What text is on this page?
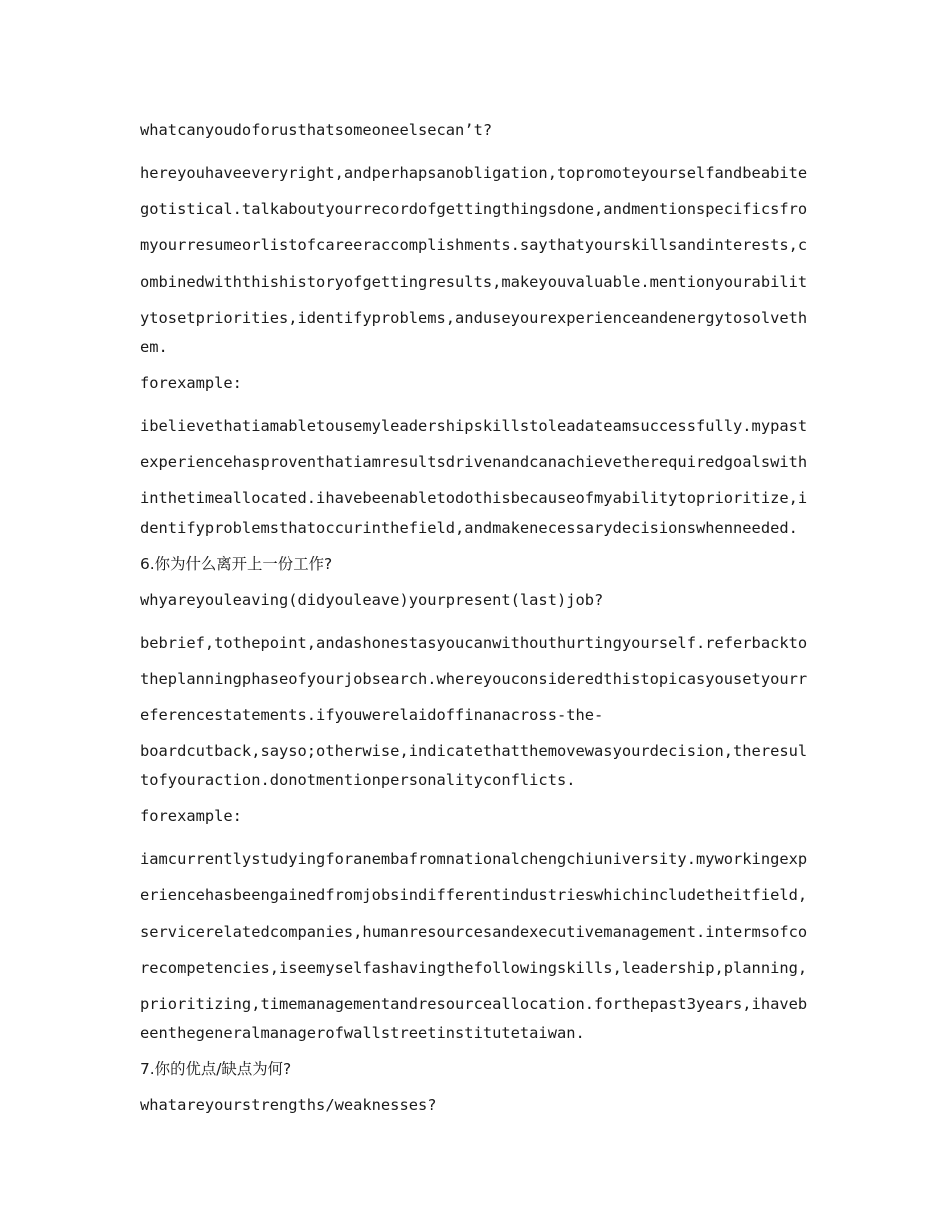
whatcanyoudoforusthatsomeoneelsecan’t?
hereyouhaveeveryright,andperhapsanobligation,topromoteyourselfandbeabite
gotistical.talkaboutyourrecordofgettingthingsdone,andmentionspecificsfro
myourresumeorlistofcareeraccomplishments.saythatyourskillsandinterests,c
ombinedwiththishistoryofgettingresults,makeyouvaluable.mentionyourabilit
ytosetpriorities,identifyproblems,anduseyourexperienceandenergytosolveth
em.
forexample:
ibelievethatiamabletousemyleadershipskillstoleadateamsuccessfully.mypast
experiencehasproventhatiamresultsdrivenandcanachievetherequiredgoalswith
inthetimeallocated.ihavebeenabletodothisbecauseofmyabilitytoprioritize,i
dentifyproblemsthatoccurinthefield,andmakenecessarydecisionswhenneeded.
6.你为什么离开上一份工作?
whyareyouleaving(didyouleave)yourpresent(last)job?
bebrief,tothepoint,andashonestasyoucanwithouthurtingyourself.referbackto
theplanningphaseofyourjobsearch.whereyouconsideredthistopicasyousetyourr
eferencestatements.ifyouwerelaidoffinanacross-the-
boardcutback,sayso;otherwise,indicatethatthemovewasyourdecision,theresul
tofyouraction.donotmentionpersonalityconflicts.
forexample:
iamcurrentlystudyingforanembafromnationalchengchiuniversity.myworkingexp
eriencehasbeengainedfromjobsindifferentindustrieswhichincludetheitfield,
servicerelatedcompanies,humanresourcesandexecutivemanagement.intermsofco
recompetencies,iseemyselfashavingthefollowingskills,leadership,planning,
prioritizing,timemanagementandresourceallocation.forthepast3years,ihaveb
eenthegeneralmanagerofwallstreetinstitutetaiwan.
7.你的优点/缺点为何?
whatareyourstrengths/weaknesses?
